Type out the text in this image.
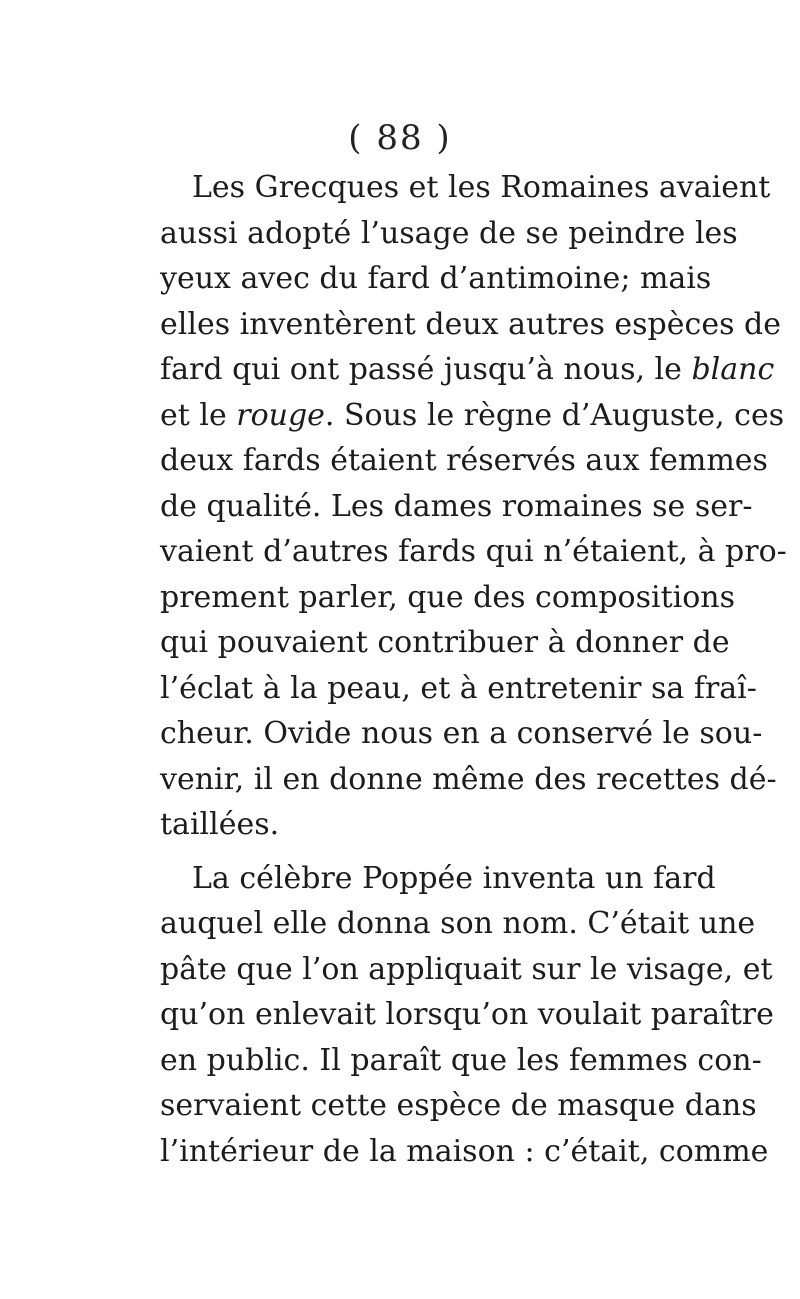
( 88 )
Les Grecques et les Romaines avaient
aussi adopté l’usage de se peindre les
yeux avec du fard d’antimoine; mais
elles inventèrent deux autres espèces de
fard qui ont passé jusqu’à nous, le blanc
et le rouge. Sous le règne d’Auguste, ces
deux fards étaient réservés aux femmes
de qualité. Les dames romaines se ser-
vaient d’autres fards qui n’étaient, à pro-
prement parler, que des compositions
qui pouvaient contribuer à donner de
l’éclat à la peau, et à entretenir sa fraî-
cheur. Ovide nous en a conservé le sou-
venir, il en donne même des recettes dé-
taillées.
La célèbre Poppée inventa un fard
auquel elle donna son nom. C’était une
pâte que l’on appliquait sur le visage, et
qu’on enlevait lorsqu’on voulait paraître
en public. Il paraît que les femmes con-
servaient cette espèce de masque dans
l’intérieur de la maison : c’était, comme
